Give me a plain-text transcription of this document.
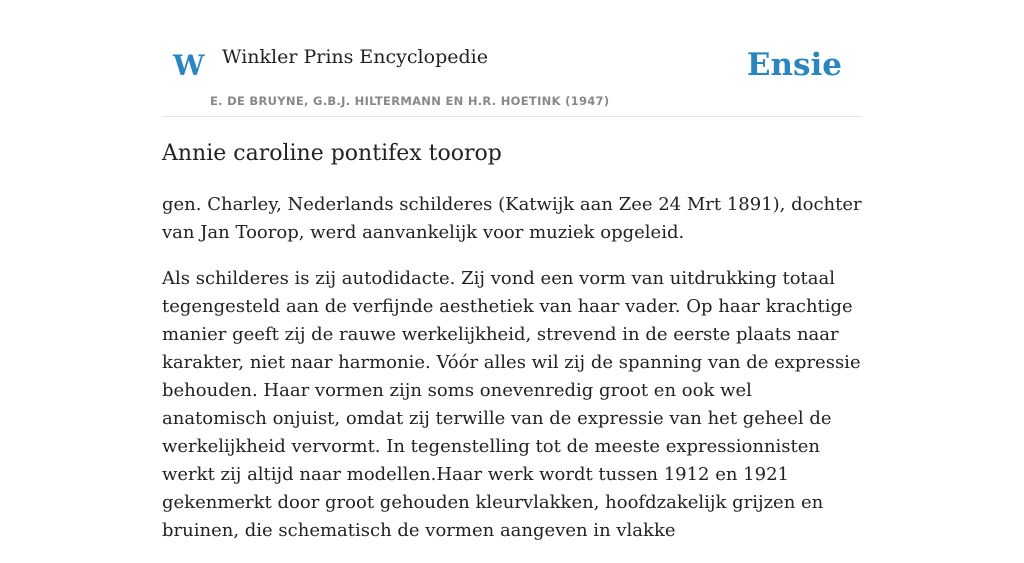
W Winkler Prins Encyclopedie
E. DE BRUYNE, G.B.J. HILTERMANN EN H.R. HOETINK (1947)
Ensie
Annie caroline pontifex toorop

gen. Charley, Nederlands schilderes (Katwijk aan Zee 24 Mrt 1891), dochter van Jan Toorop, werd aanvankelijk voor muziek opgeleid.

Als schilderes is zij autodidacte. Zij vond een vorm van uitdrukking totaal tegengesteld aan de verfijnde aesthetiek van haar vader. Op haar krachtige manier geeft zij de rauwe werkelijkheid, strevend in de eerste plaats naar karakter, niet naar harmonie. Vóór alles wil zij de spanning van de expressie behouden. Haar vormen zijn soms onevenredig groot en ook wel anatomisch onjuist, omdat zij terwille van de expressie van het geheel de werkelijkheid vervormt. In tegenstelling tot de meeste expressionnisten werkt zij altijd naar modellen.Haar werk wordt tussen 1912 en 1921 gekenmerkt door groot gehouden kleurvlakken, hoofdzakelijk grijzen en bruinen, die schematisch de vormen aangeven in vlakke
